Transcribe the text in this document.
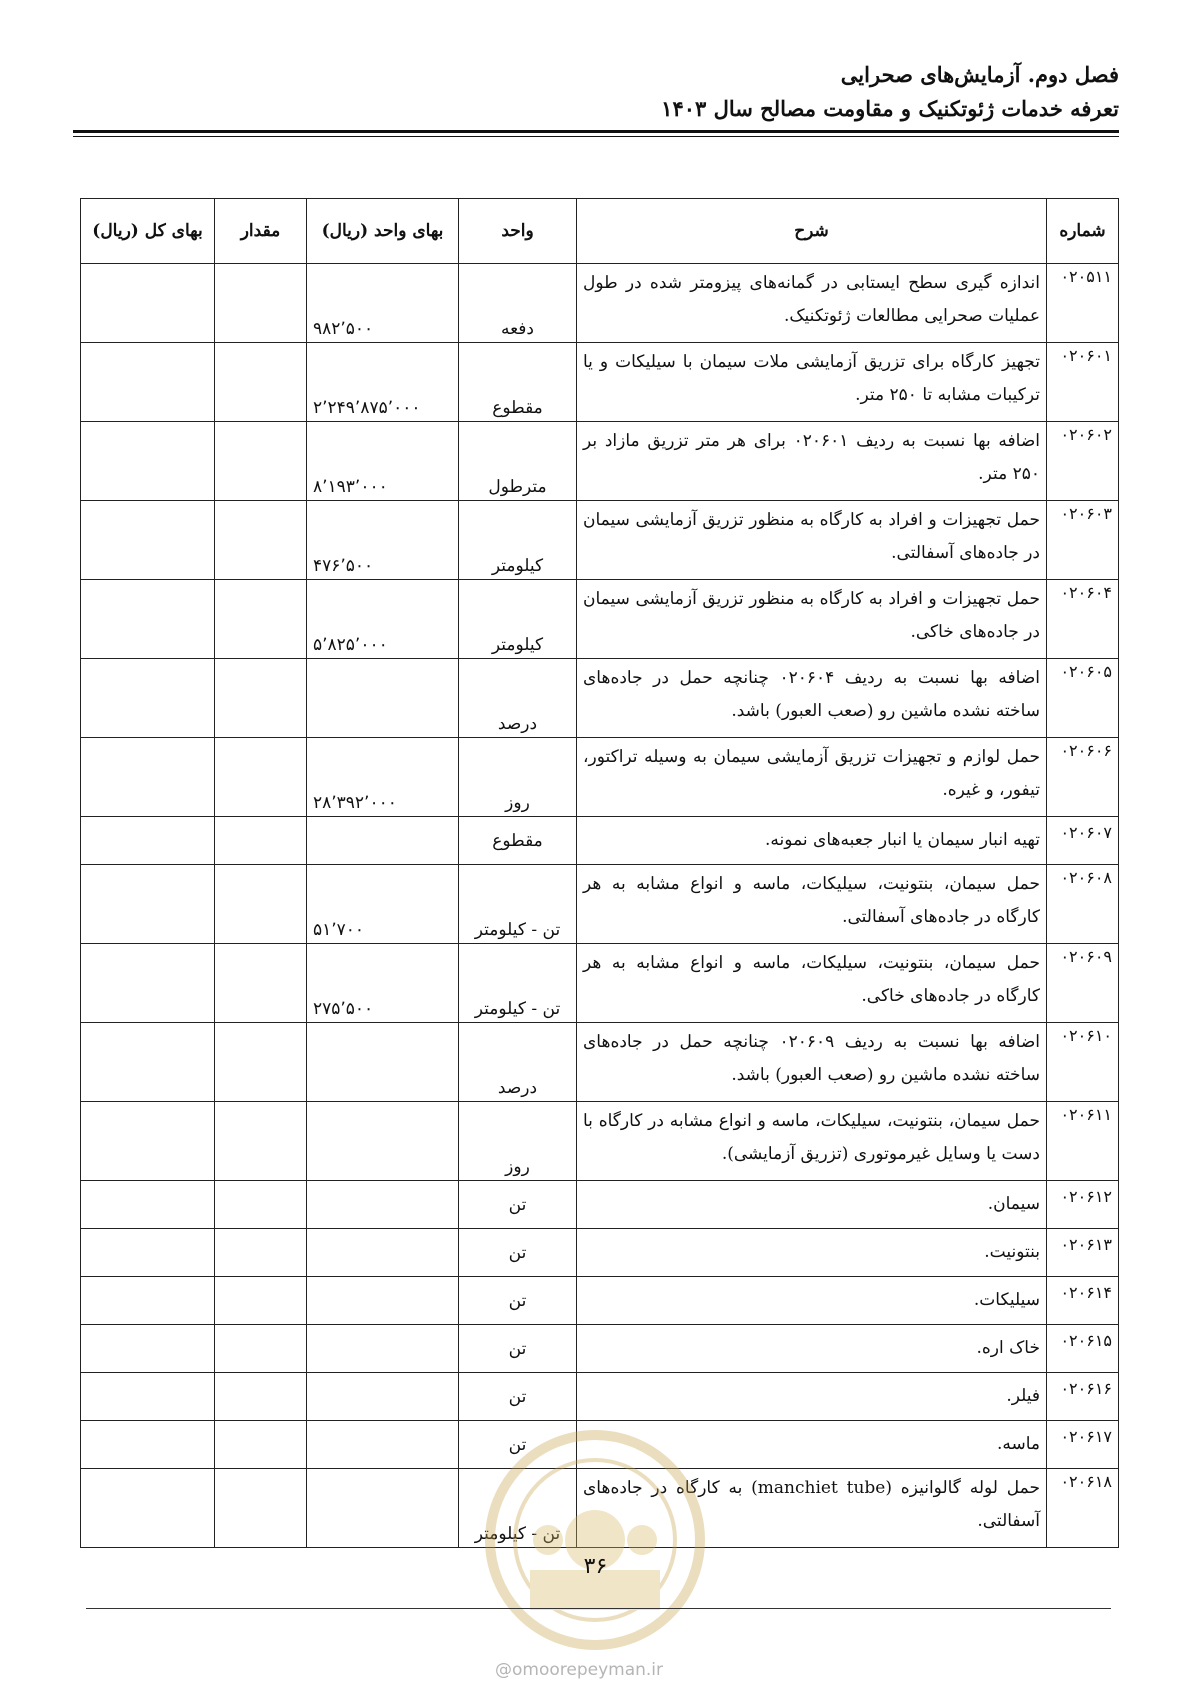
فصل دوم. آزمایش‌های صحرایی
تعرفه خدمات ژئوتکنیک و مقاومت مصالح سال ۱۴۰۳
شماره	شرح	واحد	بهای واحد (ریال)	مقدار	بهای کل (ریال)
۰۲۰۵۱۱	اندازه گیری سطح ایستابی در گمانه‌های پیزومتر شده در طول عملیات صحرایی مطالعات ژئوتکنیک.	دفعه	۹۸۲٬۵۰۰		
۰۲۰۶۰۱	تجهیز کارگاه برای تزریق آزمایشی ملات سیمان با سیلیکات و یا ترکیبات مشابه تا ۲۵۰ متر.	مقطوع	۲٬۲۴۹٬۸۷۵٬۰۰۰		
۰۲۰۶۰۲	اضافه بها نسبت به ردیف ۰۲۰۶۰۱ برای هر متر تزریق مازاد بر ۲۵۰ متر.	مترطول	۸٬۱۹۳٬۰۰۰		
۰۲۰۶۰۳	حمل تجهیزات و افراد به کارگاه به منظور تزریق آزمایشی سیمان در جاده‌های آسفالتی.	کیلومتر	۴۷۶٬۵۰۰		
۰۲۰۶۰۴	حمل تجهیزات و افراد به کارگاه به منظور تزریق آزمایشی سیمان در جاده‌های خاکی.	کیلومتر	۵٬۸۲۵٬۰۰۰		
۰۲۰۶۰۵	اضافه بها نسبت به ردیف ۰۲۰۶۰۴ چنانچه حمل در جاده‌های ساخته نشده ماشین رو (صعب العبور) باشد.	درصد			
۰۲۰۶۰۶	حمل لوازم و تجهیزات تزریق آزمایشی سیمان به وسیله تراکتور، تیفور، و غیره.	روز	۲۸٬۳۹۲٬۰۰۰		
۰۲۰۶۰۷	تهیه انبار سیمان یا انبار جعبه‌های نمونه.	مقطوع			
۰۲۰۶۰۸	حمل سیمان، بنتونیت، سیلیکات، ماسه و انواع مشابه به هر کارگاه در جاده‌های آسفالتی.	تن - کیلومتر	۵۱٬۷۰۰		
۰۲۰۶۰۹	حمل سیمان، بنتونیت، سیلیکات، ماسه و انواع مشابه به هر کارگاه در جاده‌های خاکی.	تن - کیلومتر	۲۷۵٬۵۰۰		
۰۲۰۶۱۰	اضافه بها نسبت به ردیف ۰۲۰۶۰۹ چنانچه حمل در جاده‌های ساخته نشده ماشین رو (صعب العبور) باشد.	درصد			
۰۲۰۶۱۱	حمل سیمان، بنتونیت، سیلیکات، ماسه و انواع مشابه در کارگاه با دست یا وسایل غیرموتوری (تزریق آزمایشی).	روز			
۰۲۰۶۱۲	سیمان.	تن			
۰۲۰۶۱۳	بنتونیت.	تن			
۰۲۰۶۱۴	سیلیکات.	تن			
۰۲۰۶۱۵	خاک اره.	تن			
۰۲۰۶۱۶	فیلر.	تن			
۰۲۰۶۱۷	ماسه.	تن			
۰۲۰۶۱۸	حمل لوله گالوانیزه (manchiet tube) به کارگاه در جاده‌های آسفالتی.	تن - کیلومتر			
۳۶
@omoorepeyman.ir
